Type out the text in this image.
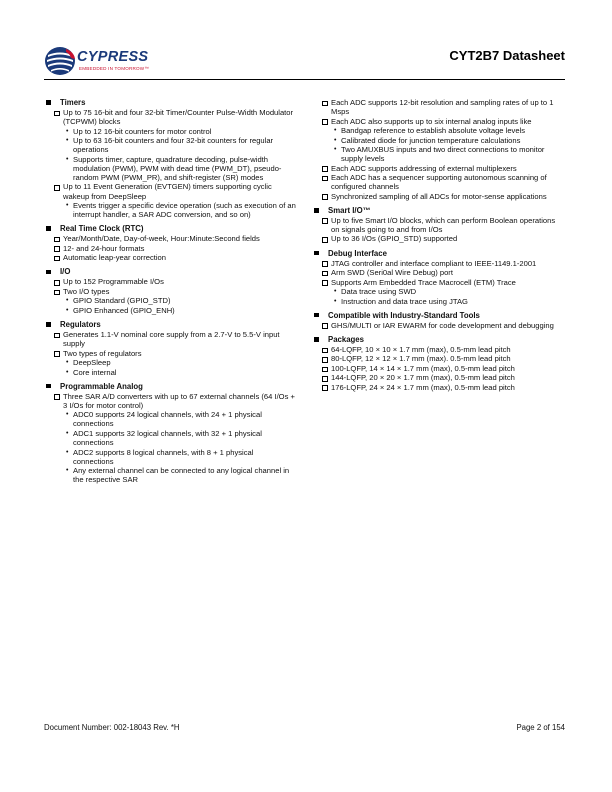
CYPRESS
EMBEDDED IN TOMORROW™
CYT2B7 Datasheet
Timers
Up to 75 16-bit and four 32-bit Timer/Counter Pulse-Width Modulator (TCPWM) blocks
• Up to 12 16-bit counters for motor control
• Up to 63 16-bit counters and four 32-bit counters for regular operations
• Supports timer, capture, quadrature decoding, pulse-width modulation (PWM), PWM with dead time (PWM_DT), pseudo-random PWM (PWM_PR), and shift-register (SR) modes
Up to 11 Event Generation (EVTGEN) timers supporting cyclic wakeup from DeepSleep
• Events trigger a specific device operation (such as execution of an interrupt handler, a SAR ADC conversion, and so on)
Real Time Clock (RTC)
Year/Month/Date, Day-of-week, Hour:Minute:Second fields
12- and 24-hour formats
Automatic leap-year correction
I/O
Up to 152 Programmable I/Os
Two I/O types
• GPIO Standard (GPIO_STD)
• GPIO Enhanced (GPIO_ENH)
Regulators
Generates 1.1-V nominal core supply from a 2.7-V to 5.5-V input supply
Two types of regulators
• DeepSleep
• Core internal
Programmable Analog
Three SAR A/D converters with up to 67 external channels (64 I/Os + 3 I/Os for motor control)
• ADC0 supports 24 logical channels, with 24 + 1 physical connections
• ADC1 supports 32 logical channels, with 32 + 1 physical connections
• ADC2 supports 8 logical channels, with 8 + 1 physical connections
• Any external channel can be connected to any logical channel in the respective SAR
Each ADC supports 12-bit resolution and sampling rates of up to 1 Msps
Each ADC also supports up to six internal analog inputs like
• Bandgap reference to establish absolute voltage levels
• Calibrated diode for junction temperature calculations
• Two AMUXBUS inputs and two direct connections to monitor supply levels
Each ADC supports addressing of external multiplexers
Each ADC has a sequencer supporting autonomous scanning of configured channels
Synchronized sampling of all ADCs for motor-sense applications
Smart I/O™
Up to five Smart I/O blocks, which can perform Boolean operations on signals going to and from I/Os
Up to 36 I/Os (GPIO_STD) supported
Debug Interface
JTAG controller and interface compliant to IEEE-1149.1-2001
Arm SWD (Seri0al Wire Debug) port
Supports Arm Embedded Trace Macrocell (ETM) Trace
• Data trace using SWD
• Instruction and data trace using JTAG
Compatible with Industry-Standard Tools
GHS/MULTI or IAR EWARM for code development and debugging
Packages
64-LQFP, 10 × 10 × 1.7 mm (max), 0.5-mm lead pitch
80-LQFP, 12 × 12 × 1.7 mm (max). 0.5-mm lead pitch
100-LQFP, 14 × 14 × 1.7 mm (max), 0.5-mm lead pitch
144-LQFP, 20 × 20 × 1.7 mm (max), 0.5-mm lead pitch
176-LQFP, 24 × 24 × 1.7 mm (max), 0.5-mm lead pitch
Document Number: 002-18043 Rev. *H	Page 2 of 154
